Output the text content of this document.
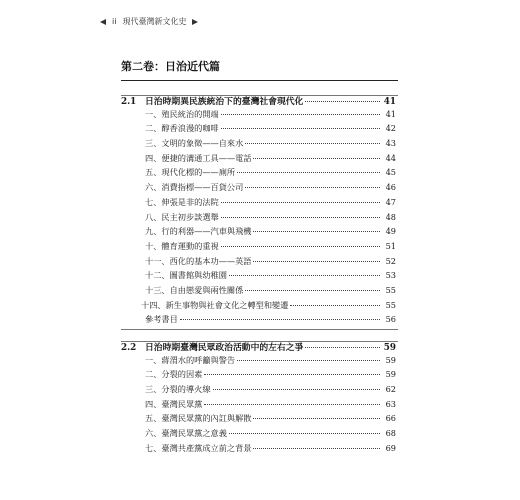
ii 現代臺灣新文化史
第二卷：日治近代篇
2.1 日治時期異民族統治下的臺灣社會現代化	41
一、殖民統治的開端	41
二、醇香浪漫的咖啡	42
三、文明的象徵——自來水	43
四、便捷的溝通工具——電話	44
五、現代化標的——廁所	45
六、消費指標——百貨公司	46
七、伸張是非的法院	47
八、民主初步談選舉	48
九、行的利器——汽車與飛機	49
十、體育運動的重視	51
十一、西化的基本功——英語	52
十二、圖書館與幼稚園	53
十三、自由戀愛與兩性關係	55
十四、新生事物與社會文化之轉型和變遷	55
參考書目	56
2.2 日治時期臺灣民眾政治活動中的左右之爭	59
一、蔣渭水的呼籲與警告	59
二、分裂的因素	59
三、分裂的導火線	62
四、臺灣民眾黨	63
五、臺灣民眾黨的內訌與解散	66
六、臺灣民眾黨之意義	68
七、臺灣共產黨成立前之背景	69
